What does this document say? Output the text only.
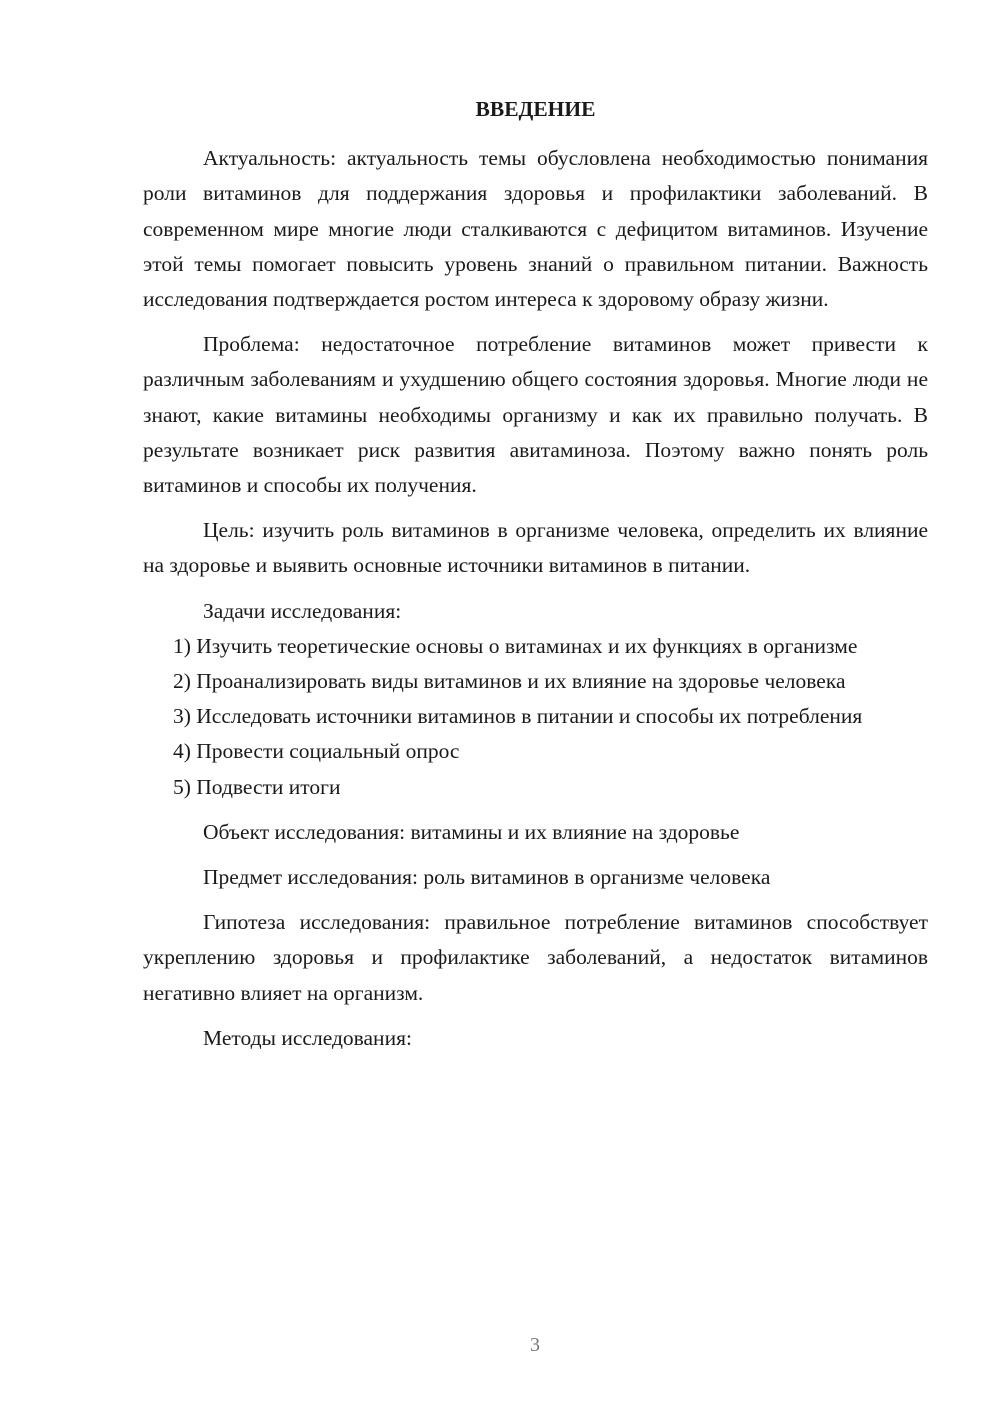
ВВЕДЕНИЕ

Актуальность: актуальность темы обусловлена необходимостью понимания роли витаминов для поддержания здоровья и профилактики заболеваний. В современном мире многие люди сталкиваются с дефицитом витаминов. Изучение этой темы помогает повысить уровень знаний о правильном питании. Важность исследования подтверждается ростом интереса к здоровому образу жизни.

Проблема: недостаточное потребление витаминов может привести к различным заболеваниям и ухудшению общего состояния здоровья. Многие люди не знают, какие витамины необходимы организму и как их правильно получать. В результате возникает риск развития авитаминоза. Поэтому важно понять роль витаминов и способы их получения.

Цель: изучить роль витаминов в организме человека, определить их влияние на здоровье и выявить основные источники витаминов в питании.

Задачи исследования:

1) Изучить теоретические основы о витаминах и их функциях в организме

2) Проанализировать виды витаминов и их влияние на здоровье человека

3) Исследовать источники витаминов в питании и способы их потребления

4) Провести социальный опрос

5) Подвести итоги

Объект исследования: витамины и их влияние на здоровье

Предмет исследования: роль витаминов в организме человека

Гипотеза исследования: правильное потребление витаминов способствует укреплению здоровья и профилактике заболеваний, а недостаток витаминов негативно влияет на организм.

Методы исследования:

3
